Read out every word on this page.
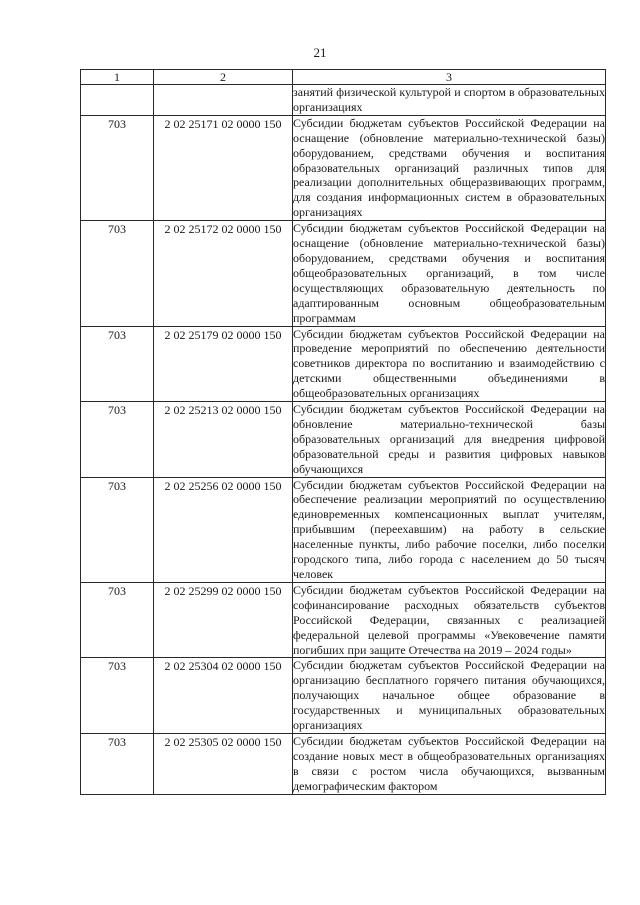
21
1	2	3
		занятий физической культурой и спортом в образовательных организациях
703	2 02 25171 02 0000 150	Субсидии бюджетам субъектов Российской Федерации на оснащение (обновление материально-технической базы) оборудованием, средствами обучения и воспитания образовательных организаций различных типов для реализации дополнительных общеразвивающих программ, для создания информационных систем в образовательных организациях
703	2 02 25172 02 0000 150	Субсидии бюджетам субъектов Российской Федерации на оснащение (обновление материально-технической базы) оборудованием, средствами обучения и воспитания общеобразовательных организаций, в том числе осуществляющих образовательную деятельность по адаптированным основным общеобразовательным программам
703	2 02 25179 02 0000 150	Субсидии бюджетам субъектов Российской Федерации на проведение мероприятий по обеспечению деятельности советников директора по воспитанию и взаимодействию с детскими общественными объединениями в общеобразовательных организациях
703	2 02 25213 02 0000 150	Субсидии бюджетам субъектов Российской Федерации на обновление материально-технической базы образовательных организаций для внедрения цифровой образовательной среды и развития цифровых навыков обучающихся
703	2 02 25256 02 0000 150	Субсидии бюджетам субъектов Российской Федерации на обеспечение реализации мероприятий по осуществлению единовременных компенсационных выплат учителям, прибывшим (переехавшим) на работу в сельские населенные пункты, либо рабочие поселки, либо поселки городского типа, либо города с населением до 50 тысяч человек
703	2 02 25299 02 0000 150	Субсидии бюджетам субъектов Российской Федерации на софинансирование расходных обязательств субъектов Российской Федерации, связанных с реализацией федеральной целевой программы «Увековечение памяти погибших при защите Отечества на 2019 – 2024 годы»
703	2 02 25304 02 0000 150	Субсидии бюджетам субъектов Российской Федерации на организацию бесплатного горячего питания обучающихся, получающих начальное общее образование в государственных и муниципальных образовательных организациях
703	2 02 25305 02 0000 150	Субсидии бюджетам субъектов Российской Федерации на создание новых мест в общеобразовательных организациях в связи с ростом числа обучающихся, вызванным демографическим фактором
